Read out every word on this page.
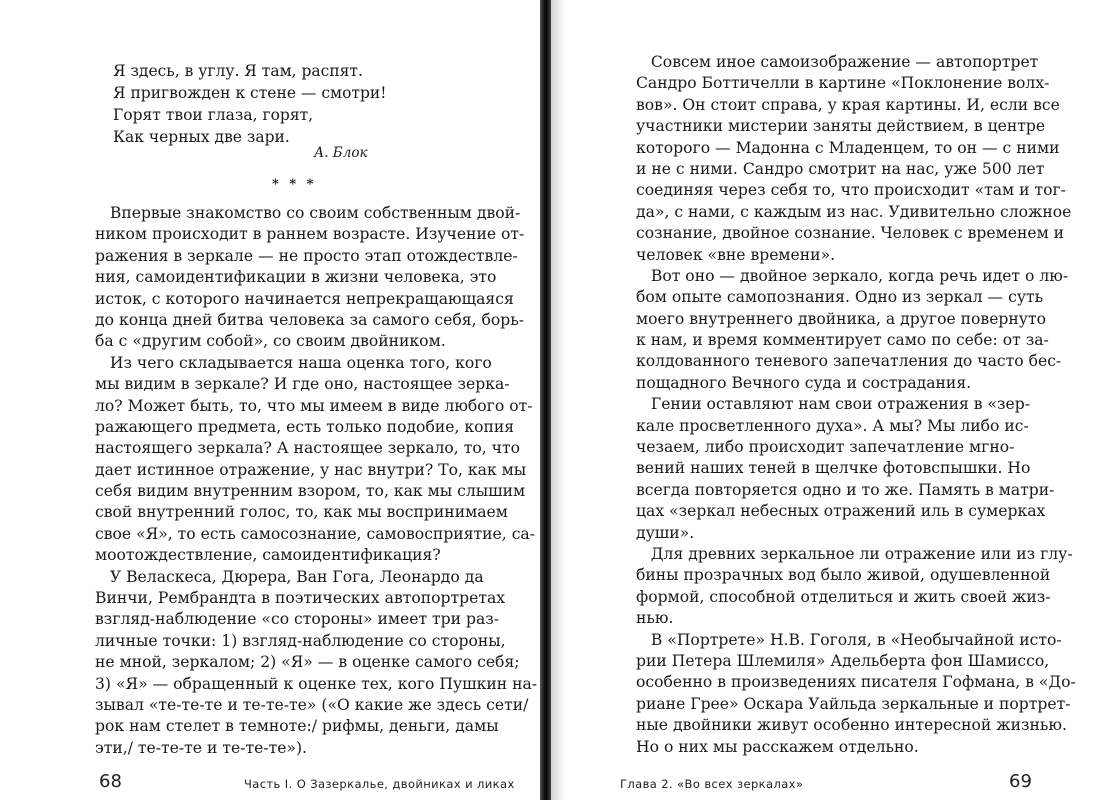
Я здесь, в углу. Я там, распят.
Я пригвожден к стене — смотри!
Горят твои глаза, горят,
Как черных две зари.
А. Блок
* * *
Впервые знакомство со своим собственным двой-
ником происходит в раннем возрасте. Изучение от-
ражения в зеркале — не просто этап отождествле-
ния, самоидентификации в жизни человека, это
исток, с которого начинается непрекращающаяся
до конца дней битва человека за самого себя, борь-
ба с «другим собой», со своим двойником.
Из чего складывается наша оценка того, кого
мы видим в зеркале? И где оно, настоящее зерка-
ло? Может быть, то, что мы имеем в виде любого от-
ражающего предмета, есть только подобие, копия
настоящего зеркала? А настоящее зеркало, то, что
дает истинное отражение, у нас внутри? То, как мы
себя видим внутренним взором, то, как мы слышим
свой внутренний голос, то, как мы воспринимаем
свое «Я», то есть самосознание, самовосприятие, са-
моотождествление, самоидентификация?
У Веласкеса, Дюрера, Ван Гога, Леонардо да
Винчи, Рембрандта в поэтических автопортретах
взгляд-наблюдение «со стороны» имеет три раз-
личные точки: 1) взгляд-наблюдение со стороны,
не мной, зеркалом; 2) «Я» — в оценке самого себя;
3) «Я» — обращенный к оценке тех, кого Пушкин на-
зывал «те-те-те и те-те-те» («О какие же здесь сети/
рок нам стелет в темноте:/ рифмы, деньги, дамы
эти,/ те-те-те и те-те-те»).
68	Часть I. О Зазеркалье, двойниках и ликах
Совсем иное самоизображение — автопортрет
Сандро Боттичелли в картине «Поклонение волх-
вов». Он стоит справа, у края картины. И, если все
участники мистерии заняты действием, в центре
которого — Мадонна с Младенцем, то он — с ними
и не с ними. Сандро смотрит на нас, уже 500 лет
соединяя через себя то, что происходит «там и тог-
да», с нами, с каждым из нас. Удивительно сложное
сознание, двойное сознание. Человек с временем и
человек «вне времени».
Вот оно — двойное зеркало, когда речь идет о лю-
бом опыте самопознания. Одно из зеркал — суть
моего внутреннего двойника, а другое повернуто
к нам, и время комментирует само по себе: от за-
колдованного теневого запечатления до часто бес-
пощадного Вечного суда и сострадания.
Гении оставляют нам свои отражения в «зер-
кале просветленного духа». А мы? Мы либо ис-
чезаем, либо происходит запечатление мгно-
вений наших теней в щелчке фотовспышки. Но
всегда повторяется одно и то же. Память в матри-
цах «зеркал небесных отражений иль в сумерках
души».
Для древних зеркальное ли отражение или из глу-
бины прозрачных вод было живой, одушевленной
формой, способной отделиться и жить своей жиз-
нью.
В «Портрете» Н.В. Гоголя, в «Необычайной исто-
рии Петера Шлемиля» Адельберта фон Шамиссо,
особенно в произведениях писателя Гофмана, в «До-
риане Грее» Оскара Уайльда зеркальные и портрет-
ные двойники живут особенно интересной жизнью.
Но о них мы расскажем отдельно.
Глава 2. «Во всех зеркалах»	69
